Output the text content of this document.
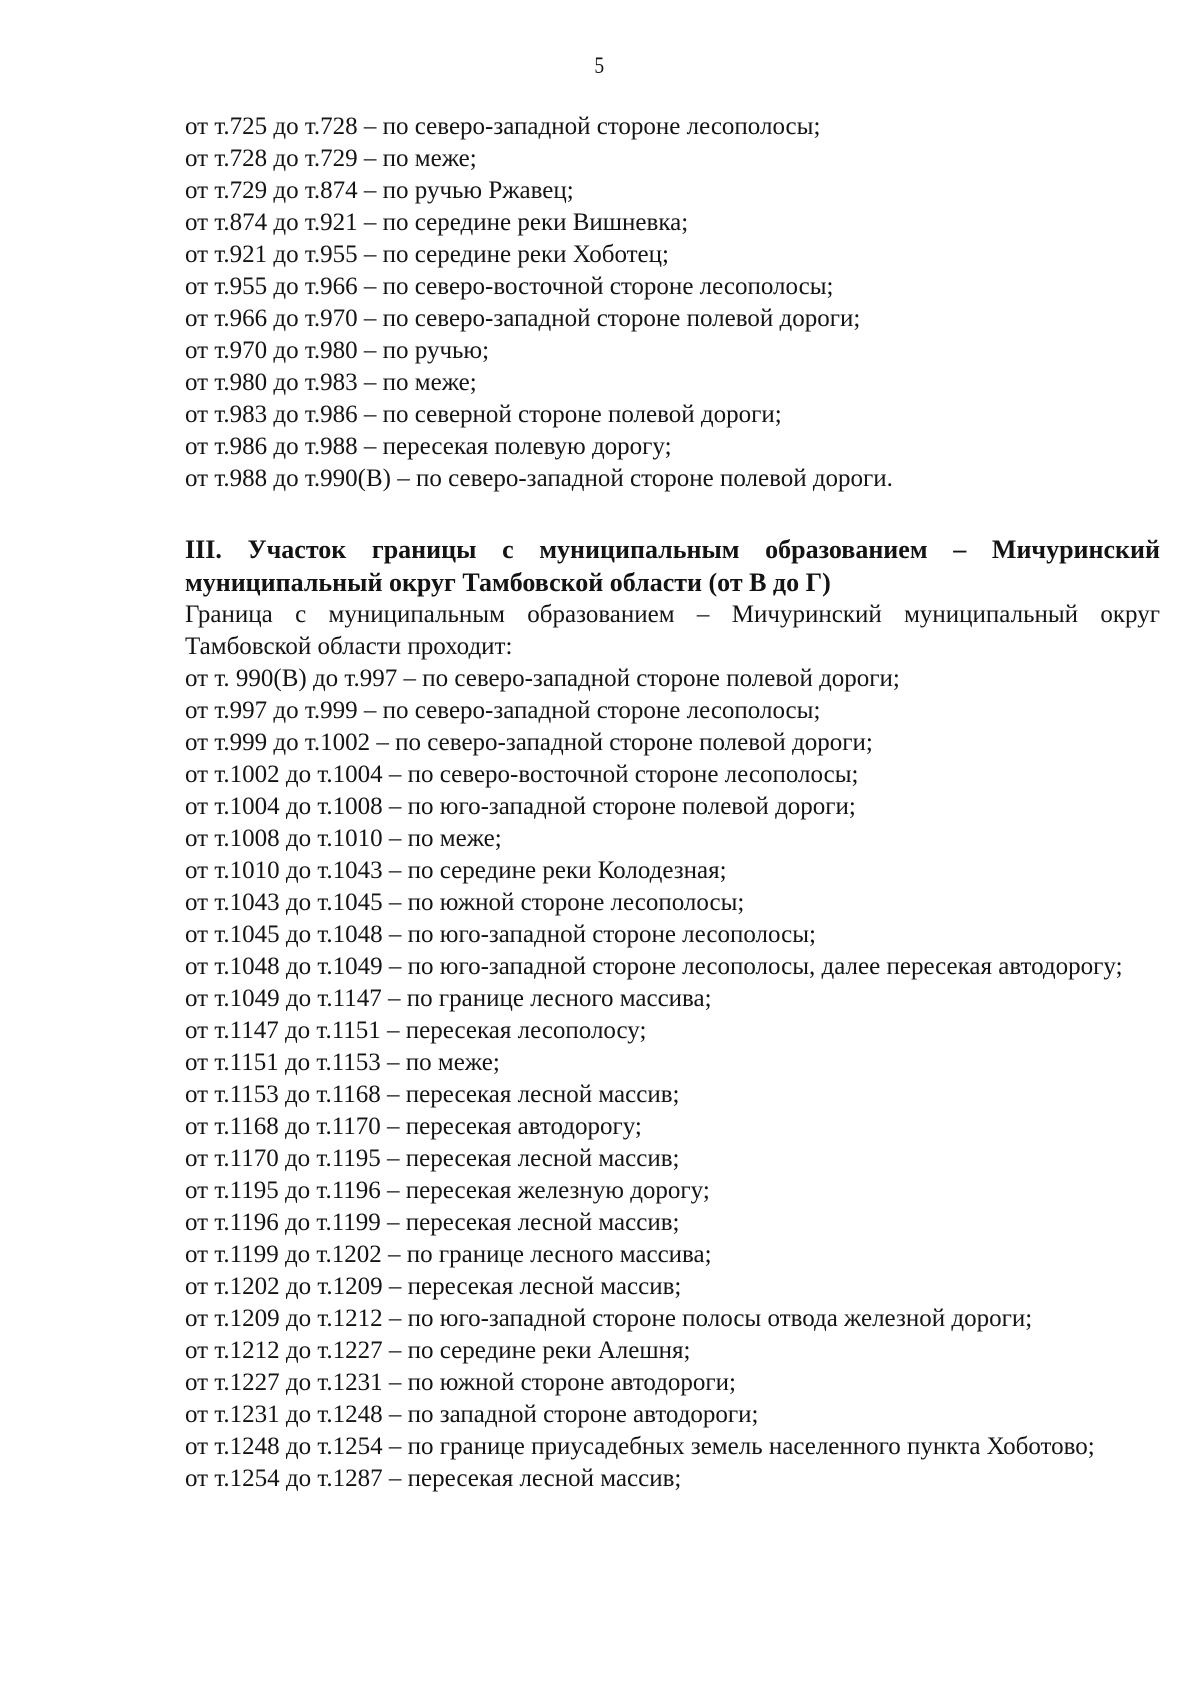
5
от т.725 до т.728 – по северо-западной стороне лесополосы;
от т.728 до т.729 – по меже;
от т.729 до т.874 – по ручью Ржавец;
от т.874 до т.921 – по середине реки Вишневка;
от т.921 до т.955 – по середине реки Хоботец;
от т.955 до т.966 – по северо-восточной стороне лесополосы;
от т.966 до т.970 – по северо-западной стороне полевой дороги;
от т.970 до т.980 – по ручью;
от т.980 до т.983 – по меже;
от т.983 до т.986 – по северной стороне полевой дороги;
от т.986 до т.988 – пересекая полевую дорогу;
от т.988 до т.990(В) – по северо-западной стороне полевой дороги.
III. Участок границы с муниципальным образованием – Мичуринский муниципальный округ Тамбовской области (от В до Г)
Граница с муниципальным образованием – Мичуринский муниципальный округ Тамбовской области проходит:
от т. 990(В) до т.997 – по северо-западной стороне полевой дороги;
от т.997 до т.999 – по северо-западной стороне лесополосы;
от т.999 до т.1002 – по северо-западной стороне полевой дороги;
от т.1002 до т.1004 – по северо-восточной стороне лесополосы;
от т.1004 до т.1008 – по юго-западной стороне полевой дороги;
от т.1008 до т.1010 – по меже;
от т.1010 до т.1043 – по середине реки Колодезная;
от т.1043 до т.1045 – по южной стороне лесополосы;
от т.1045 до т.1048 – по юго-западной стороне лесополосы;
от т.1048 до т.1049 – по юго-западной стороне лесополосы, далее пересекая автодорогу;
от т.1049 до т.1147 – по границе лесного массива;
от т.1147 до т.1151 – пересекая лесополосу;
от т.1151 до т.1153 – по меже;
от т.1153 до т.1168 – пересекая лесной массив;
от т.1168 до т.1170 – пересекая автодорогу;
от т.1170 до т.1195 – пересекая лесной массив;
от т.1195 до т.1196 – пересекая железную дорогу;
от т.1196 до т.1199 – пересекая лесной массив;
от т.1199 до т.1202 – по границе лесного массива;
от т.1202 до т.1209 – пересекая лесной массив;
от т.1209 до т.1212 – по юго-западной стороне полосы отвода железной дороги;
от т.1212 до т.1227 – по середине реки Алешня;
от т.1227 до т.1231 – по южной стороне автодороги;
от т.1231 до т.1248 – по западной стороне автодороги;
от т.1248 до т.1254 – по границе приусадебных земель населенного пункта Хоботово;
от т.1254 до т.1287 – пересекая лесной массив;
